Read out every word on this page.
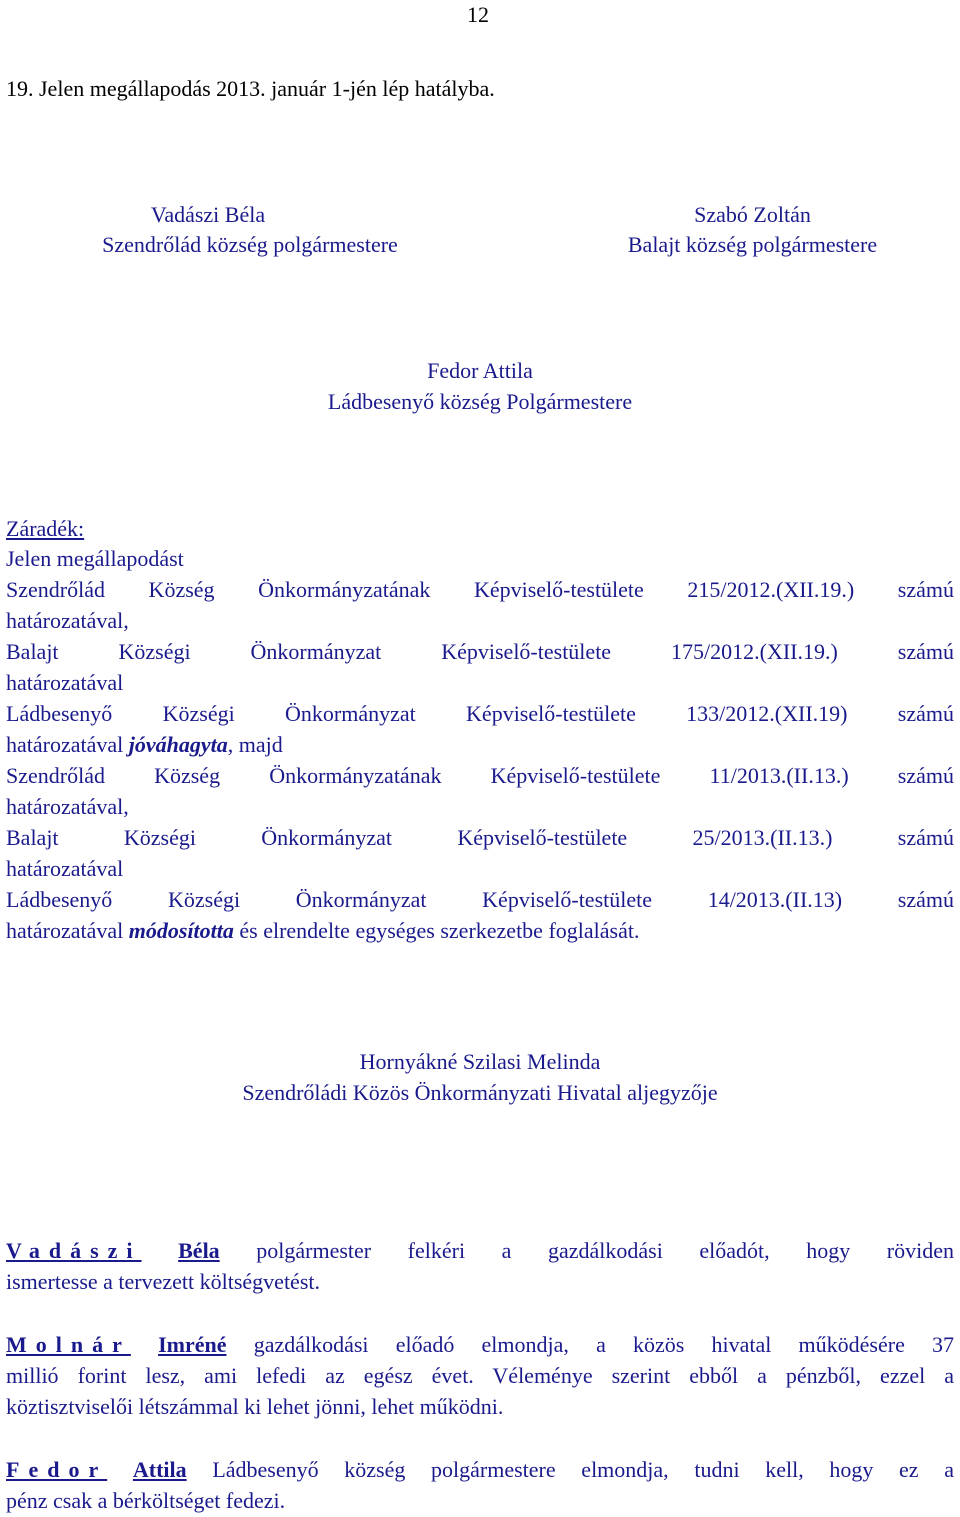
12
19. Jelen megállapodás 2013. január 1-jén lép hatályba.
Vadászi Béla
Szendrőlád község polgármestere
Szabó Zoltán
Balajt község polgármestere
Fedor Attila
Ládbesenyő község Polgármestere
Záradék:
Jelen megállapodást
Szendrőlád Község Önkormányzatának Képviselő-testülete 215/2012.(XII.19.) számú
határozatával,
Balajt Községi Önkormányzat Képviselő-testülete 175/2012.(XII.19.) számú
határozatával
Ládbesenyő Községi Önkormányzat Képviselő-testülete 133/2012.(XII.19) számú
határozatával jóváhagyta, majd
Szendrőlád Község Önkormányzatának Képviselő-testülete 11/2013.(II.13.) számú
határozatával,
Balajt Községi Önkormányzat Képviselő-testülete 25/2013.(II.13.) számú
határozatával
Ládbesenyő Községi Önkormányzat Képviselő-testülete 14/2013.(II.13) számú
határozatával módosította és elrendelte egységes szerkezetbe foglalását.
Hornyákné Szilasi Melinda
Szendrőládi Közös Önkormányzati Hivatal aljegyzője
Vadászi Béla polgármester felkéri a gazdálkodási előadót, hogy röviden
ismertesse a tervezett költségvetést.
Molnár Imréné gazdálkodási előadó elmondja, a közös hivatal működésére 37
millió forint lesz, ami lefedi az egész évet. Véleménye szerint ebből a pénzből, ezzel a
köztisztviselői létszámmal ki lehet jönni, lehet működni.
Fedor Attila Ládbesenyő község polgármestere elmondja, tudni kell, hogy ez a
pénz csak a bérköltséget fedezi.
